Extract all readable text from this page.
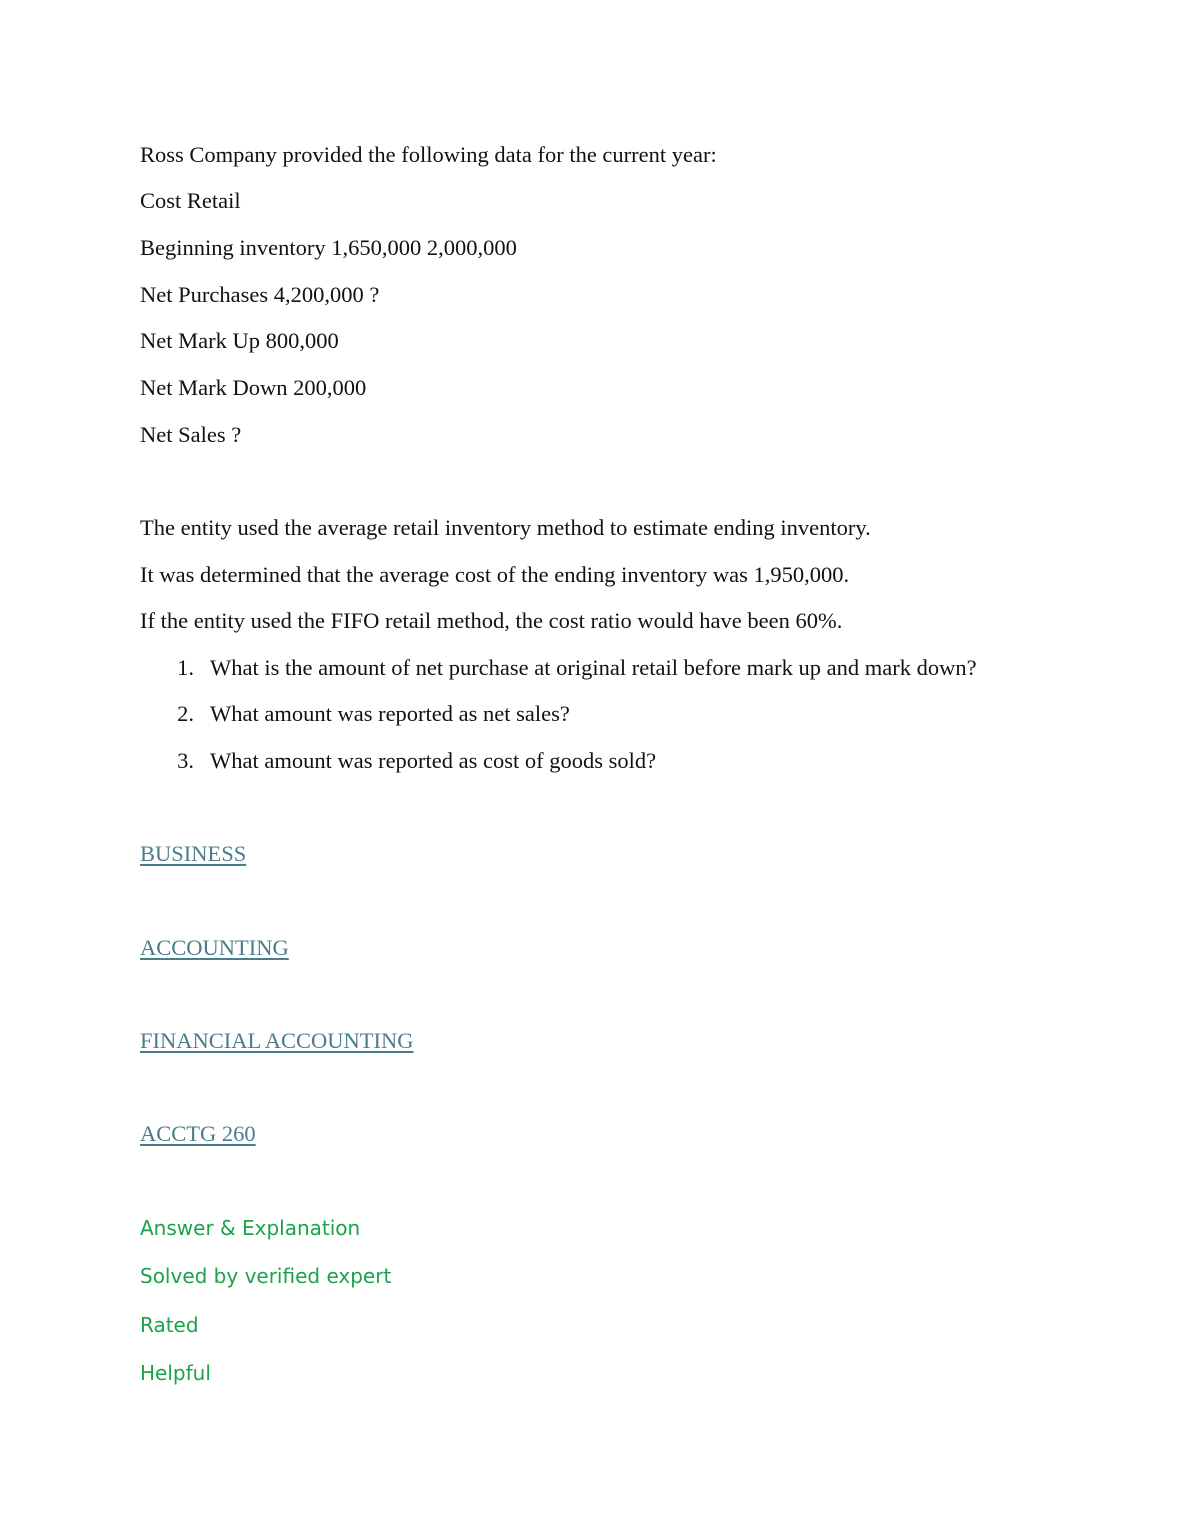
Ross Company provided the following data for the current year:
Cost Retail
Beginning inventory 1,650,000 2,000,000
Net Purchases 4,200,000 ?
Net Mark Up 800,000
Net Mark Down 200,000
Net Sales ?
The entity used the average retail inventory method to estimate ending inventory.
It was determined that the average cost of the ending inventory was 1,950,000.
If the entity used the FIFO retail method, the cost ratio would have been 60%.
1. What is the amount of net purchase at original retail before mark up and mark down?
2. What amount was reported as net sales?
3. What amount was reported as cost of goods sold?
BUSINESS
ACCOUNTING
FINANCIAL ACCOUNTING
ACCTG 260
Answer & Explanation
Solved by verified expert
Rated
Helpful
